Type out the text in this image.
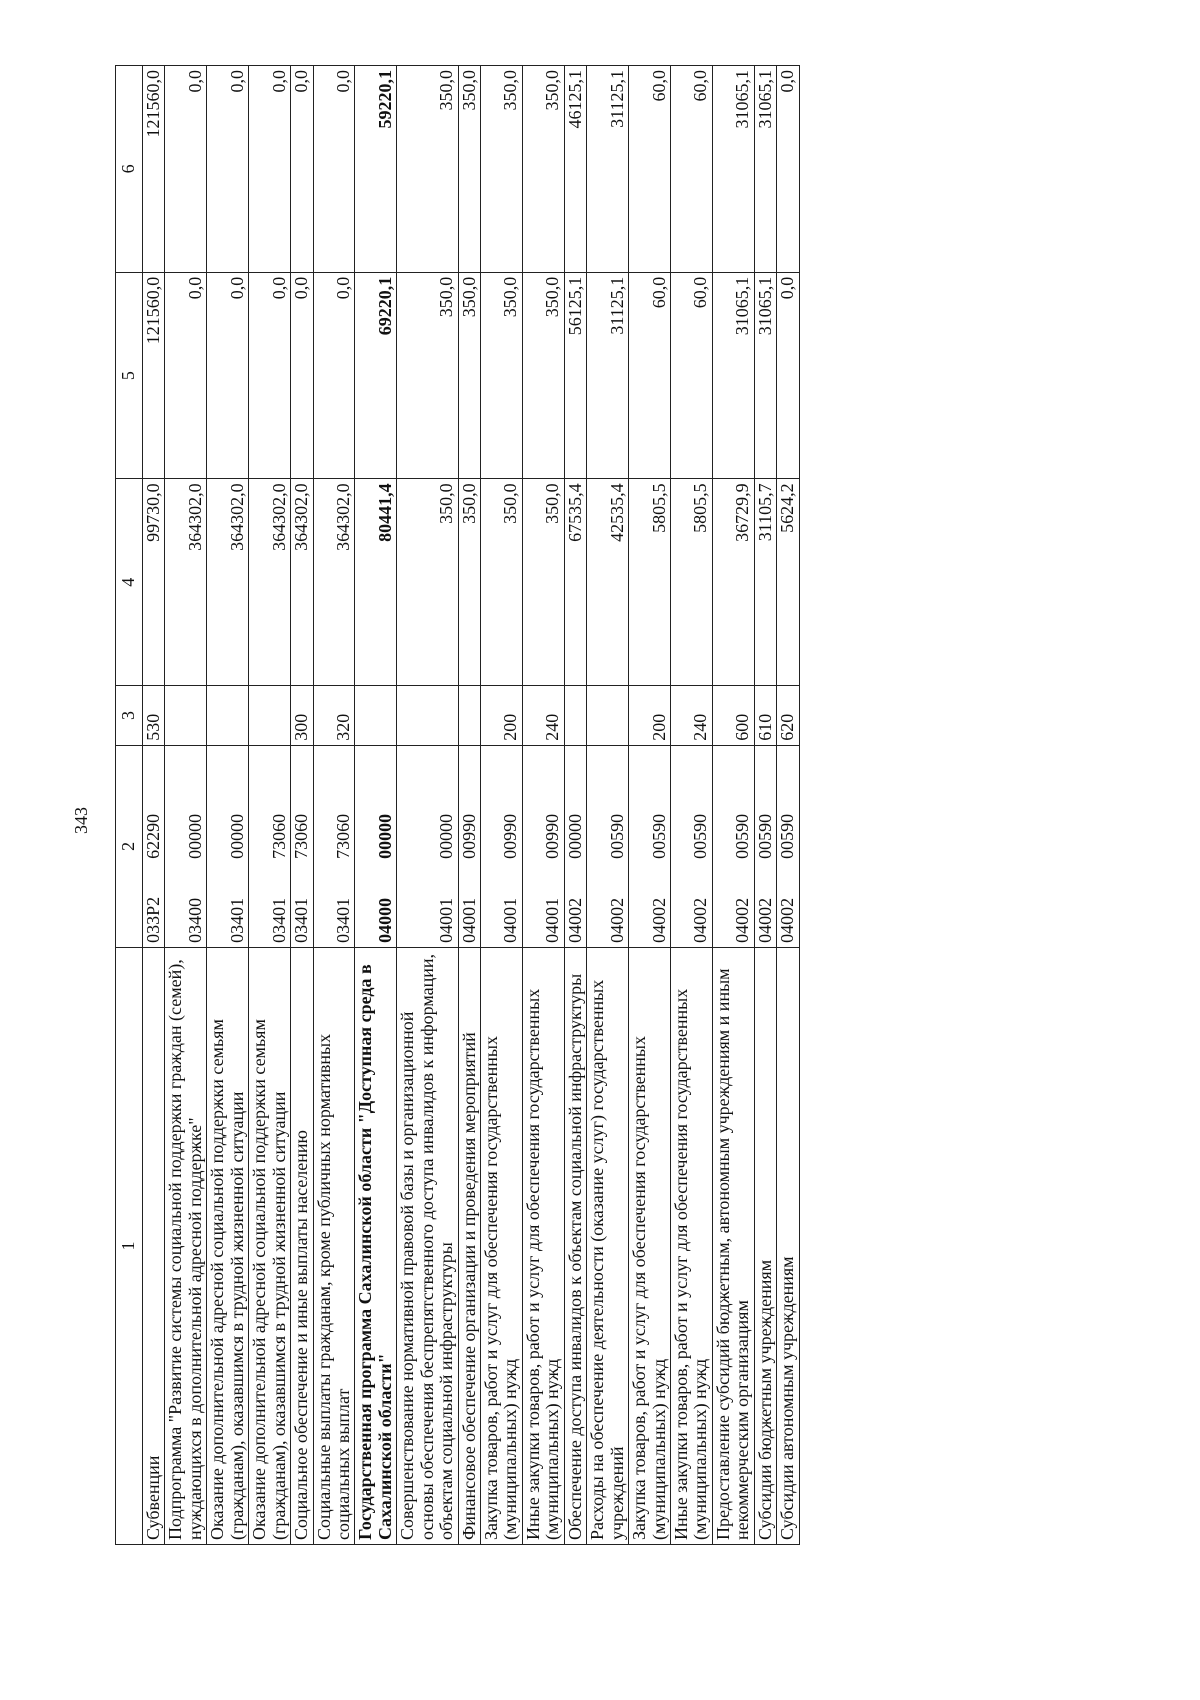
343
1	2	3	4	5	6
Субвенции	033P262290	530	99730,0	121560,0	121560,0
Подпрограмма "Развитие системы социальной поддержки граждан (семей), нуждающихся в дополнительной адресной поддержке"	0340000000		364302,0	0,0	0,0
Оказание дополнительной адресной социальной поддержки семьям (гражданам), оказавшимся в трудной жизненной ситуации	0340100000		364302,0	0,0	0,0
Оказание дополнительной адресной социальной поддержки семьям (гражданам), оказавшимся в трудной жизненной ситуации	0340173060		364302,0	0,0	0,0
Социальное обеспечение и иные выплаты населению	0340173060	300	364302,0	0,0	0,0
Социальные выплаты гражданам, кроме публичных нормативных социальных выплат	0340173060	320	364302,0	0,0	0,0
Государственная программа Сахалинской области "Доступная среда в Сахалинской области"	0400000000		80441,4	69220,1	59220,1
Совершенствование нормативной правовой базы и организационной основы обеспечения беспрепятственного доступа инвалидов к информации, объектам социальной инфраструктуры	0400100000		350,0	350,0	350,0
Финансовое обеспечение организации и проведения мероприятий	0400100990		350,0	350,0	350,0
Закупка товаров, работ и услуг для обеспечения государственных (муниципальных) нужд	0400100990	200	350,0	350,0	350,0
Иные закупки товаров, работ и услуг для обеспечения государственных (муниципальных) нужд	0400100990	240	350,0	350,0	350,0
Обеспечение доступа инвалидов к объектам социальной инфраструктуры	0400200000		67535,4	56125,1	46125,1
Расходы на обеспечение деятельности (оказание услуг) государственных учреждений	0400200590		42535,4	31125,1	31125,1
Закупка товаров, работ и услуг для обеспечения государственных (муниципальных) нужд	0400200590	200	5805,5	60,0	60,0
Иные закупки товаров, работ и услуг для обеспечения государственных (муниципальных) нужд	0400200590	240	5805,5	60,0	60,0
Предоставление субсидий бюджетным, автономным учреждениям и иным некоммерческим организациям	0400200590	600	36729,9	31065,1	31065,1
Субсидии бюджетным учреждениям	0400200590	610	31105,7	31065,1	31065,1
Субсидии автономным учреждениям	0400200590	620	5624,2	0,0	0,0
